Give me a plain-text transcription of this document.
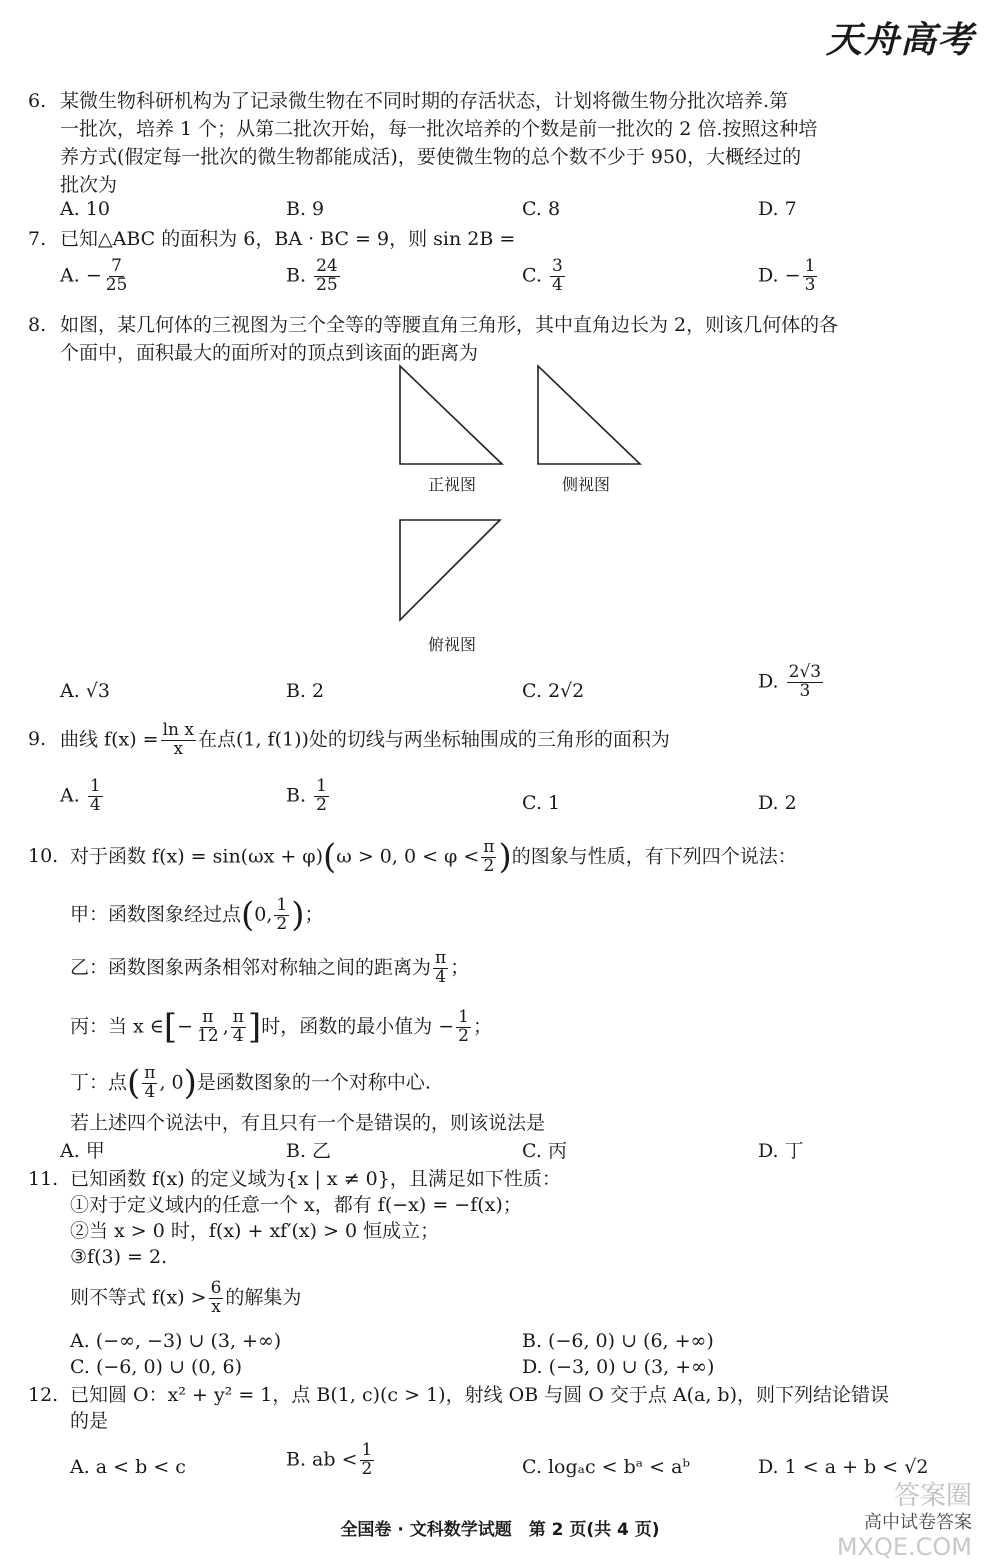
天舟高考
6. 某微生物科研机构为了记录微生物在不同时期的存活状态，计划将微生物分批次培养.第
一批次，培养 1 个；从第二批次开始，每一批次培养的个数是前一批次的 2 倍.按照这种培
养方式(假定每一批次的微生物都能成活)，要使微生物的总个数不少于 950，大概经过的
批次为
A. 10	B. 9	C. 8	D. 7
7. 已知△ABC 的面积为 6，BA · BC = 9，则 sin 2B =
A. − $\frac{7}{25}$	B. $\frac{24}{25}$	C. $\frac{3}{4}$	D. − $\frac{1}{3}$
8. 如图，某几何体的三视图为三个全等的等腰直角三角形，其中直角边长为 2，则该几何体的各
个面中，面积最大的面所对的顶点到该面的距离为
正视图	侧视图
俯视图
A. √3	B. 2	C. 2√2	D. $\frac{2√3}{3}$
9. 曲线 $f(x) = \frac{\text{ln x}}{x}$ 在点(1, f(1))处的切线与两坐标轴围成的三角形的面积为
A. $\frac{1}{4}$	B. $\frac{1}{2}$	C. 1	D. 2
10. 对于函数 f(x) = sin(ωx + φ)(ω > 0, $0 < \varphi < \frac{\pi}{2}$ )的图象与性质，有下列四个说法：
甲：函数图象经过点(0, $\frac{1}{2}$ )；
乙：函数图象两条相邻对称轴之间的距离为 $\frac{\pi}{4}$ ；
丙：当 x ∈[− $\frac{\pi}{12}$ , $\frac{\pi}{4}$ ]时，函数的最小值为 − $\frac{1}{2}$ ；
丁：点( $\frac{\pi}{4}$ , 0)是函数图象的一个对称中心.
若上述四个说法中，有且只有一个是错误的，则该说法是
A. 甲	B. 乙	C. 丙	D. 丁
11. 已知函数 f(x) 的定义域为{x | x ≠ 0}，且满足如下性质：
①对于定义域内的任意一个 x，都有 f(−x) = −f(x)；
②当 x > 0 时，f(x) + xf′(x) > 0 恒成立；
③f(3) = 2.
则不等式 $f(x) > \frac{6}{x}$ 的解集为
A. (−∞, −3) ∪ (3, +∞)	B. (−6, 0) ∪ (6, +∞)
C. (−6, 0) ∪ (0, 6)	D. (−3, 0) ∪ (3, +∞)
12. 已知圆 O：x² + y² = 1，点 B(1, c)(c > 1)，射线 OB 与圆 O 交于点 A(a, b)，则下列结论错误
的是
A. a < b < c	B. ab < $\frac{1}{2}$	C. logₐc < bᵃ < aᵇ	D. 1 < a + b < √2
答案圈
高中试卷答案
MXQE.COM
全国卷 · 文科数学试题　第 2 页(共 4 页)
